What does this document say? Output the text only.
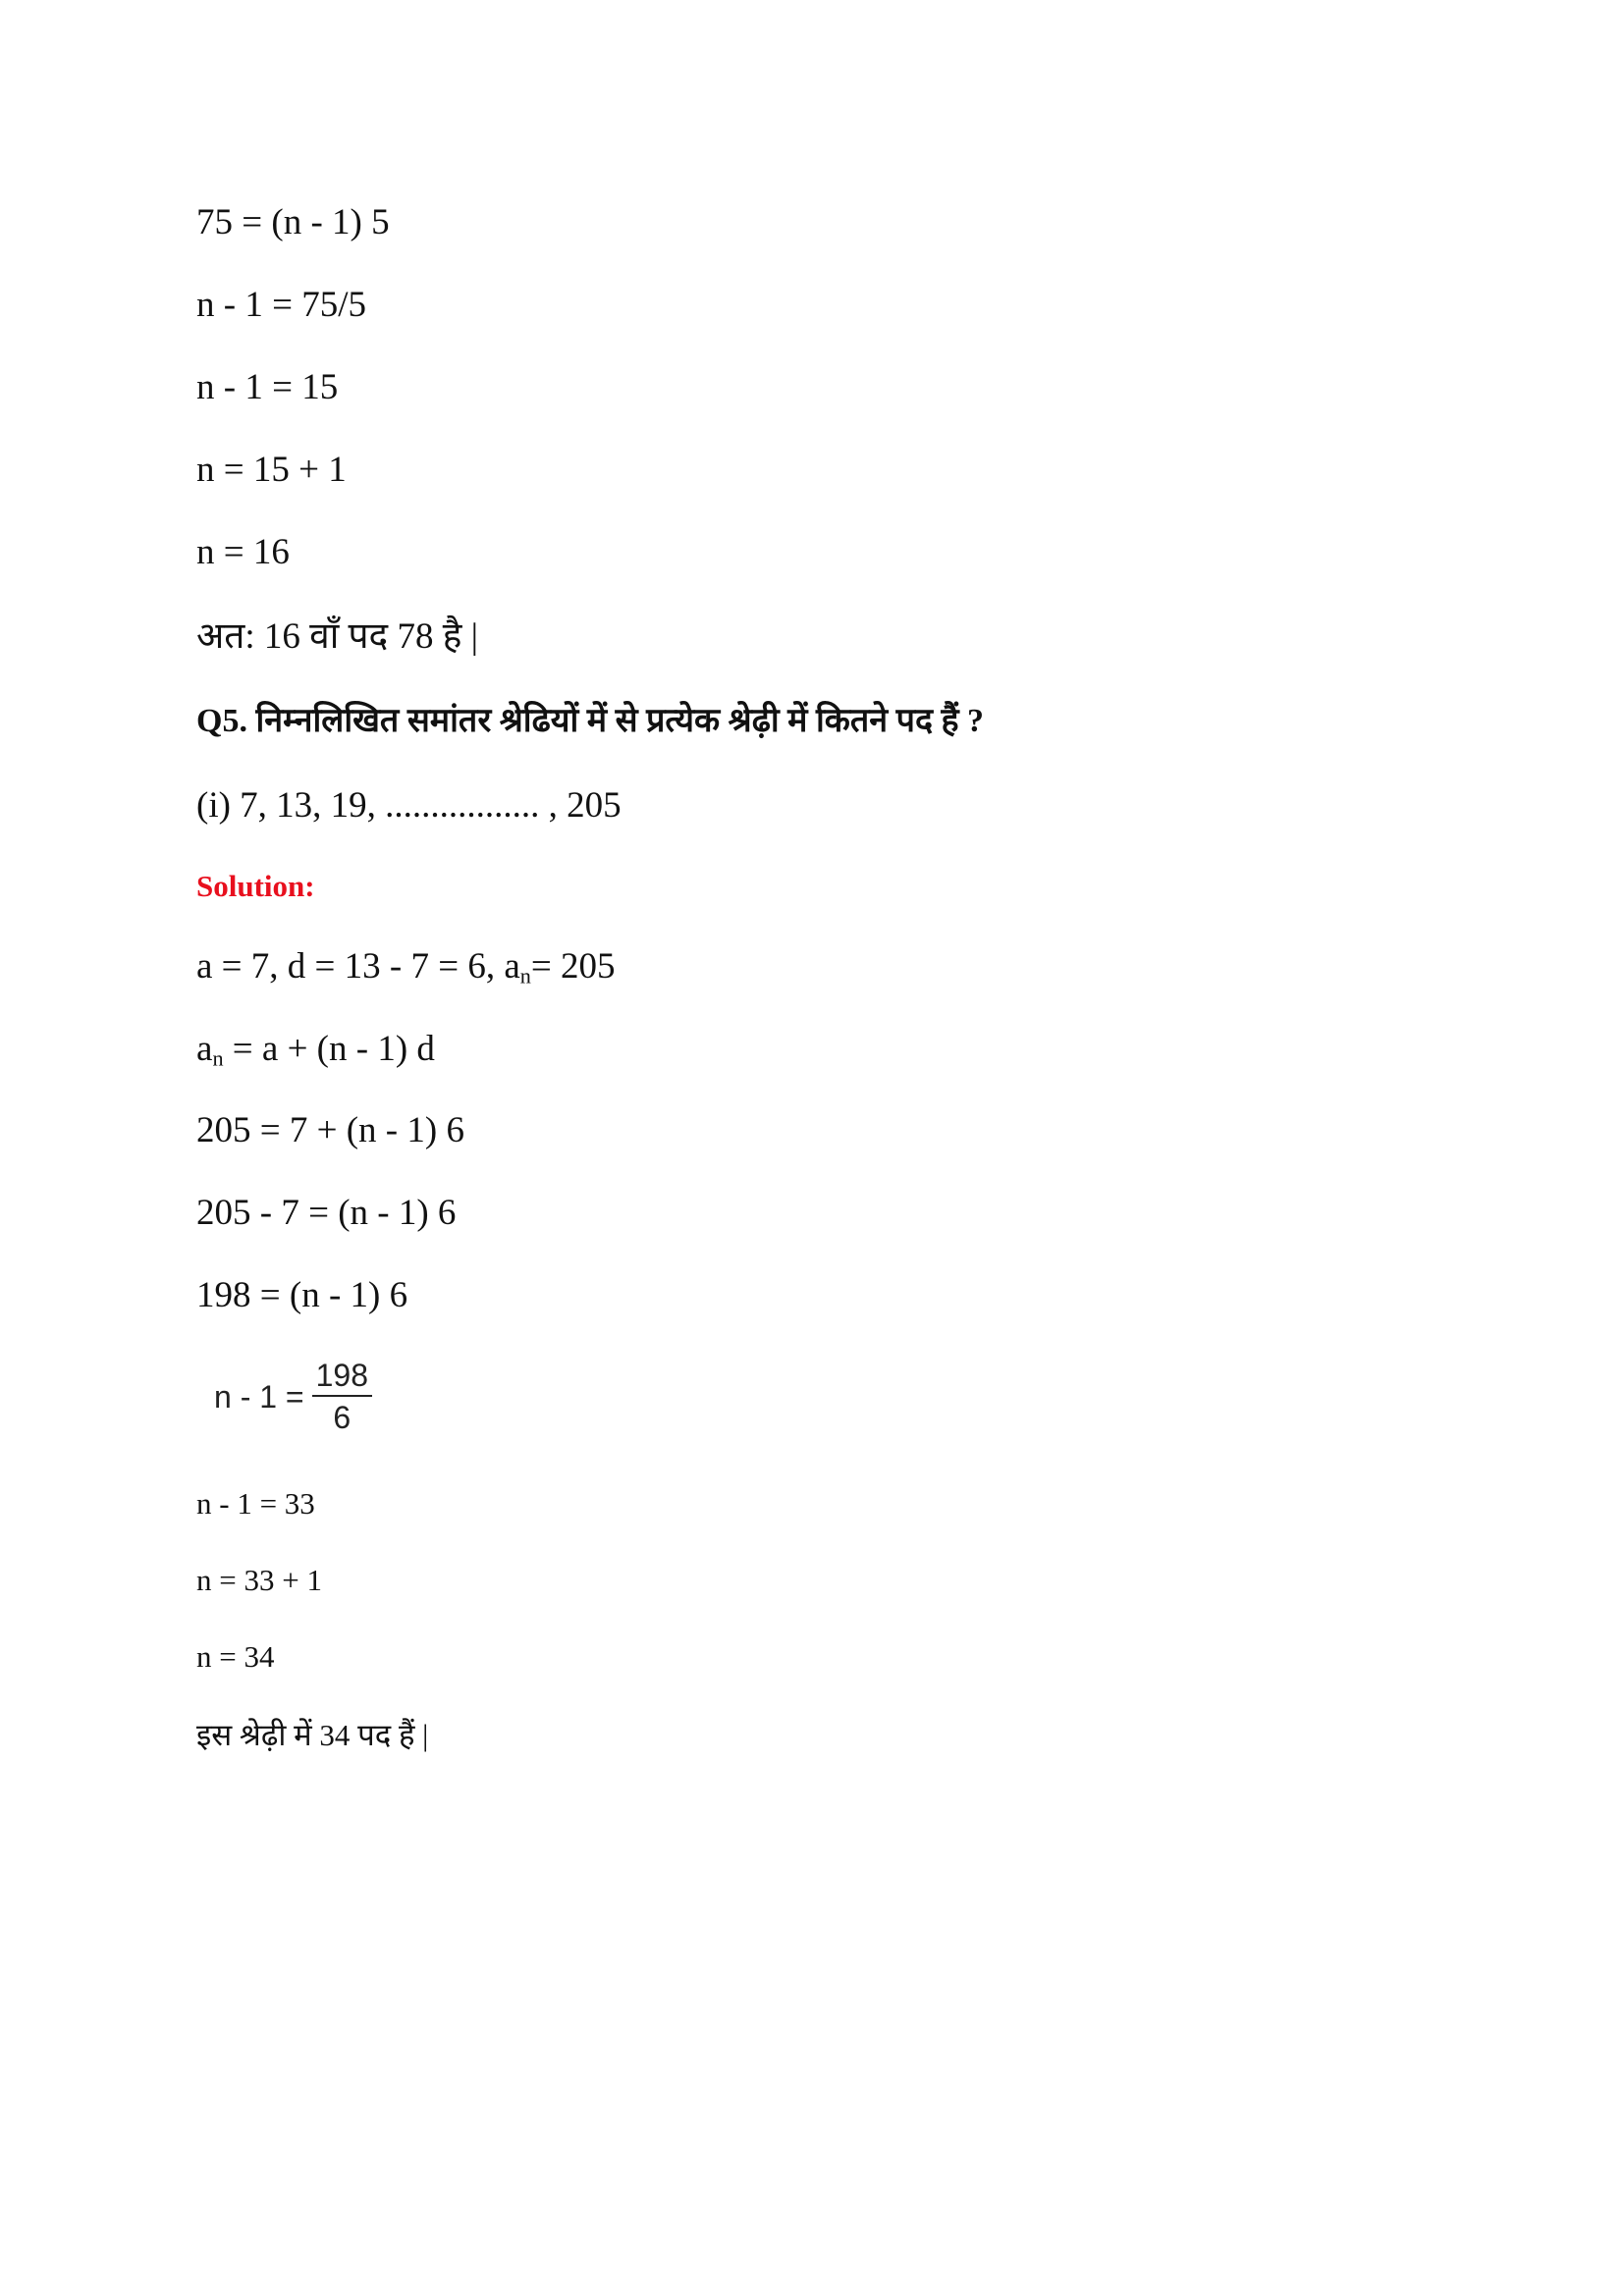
75 = (n - 1) 5
n - 1 = 75/5
n - 1 = 15
n = 15 + 1
n = 16
अत: 16 वाँ पद 78 है |
Q5. निम्नलिखित समांतर श्रेढियों में से प्रत्येक श्रेढ़ी में कितने पद हैं ?
(i) 7, 13, 19, ................. , 205
Solution:
a = 7, d = 13 - 7 = 6, $a_n= 205$
$a_n = a + (n - 1)$ d
205 = 7 + (n - 1) 6
205 - 7 = (n - 1) 6
198 = (n - 1) 6
$n - 1 = \frac{198}{6}$
n - 1 = 33
n = 33 + 1
n = 34
इस श्रेढ़ी में 34 पद हैं |
